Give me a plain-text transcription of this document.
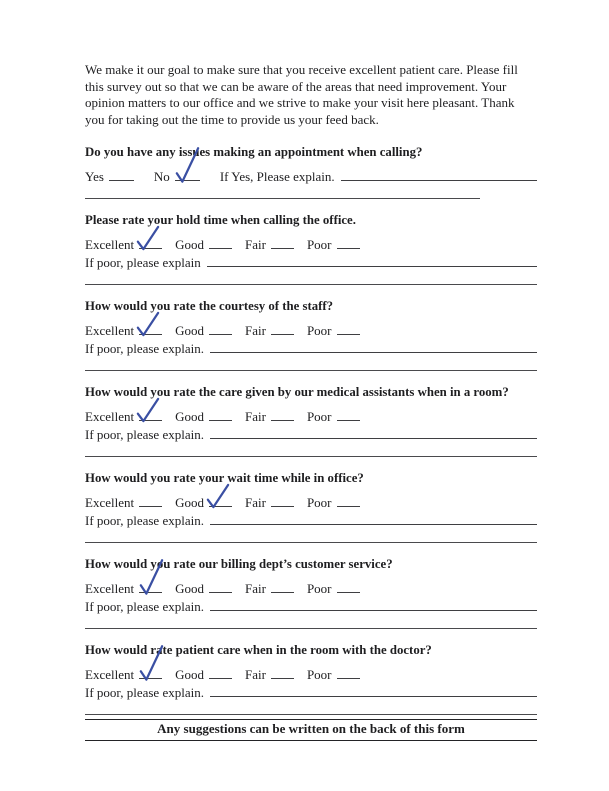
We make it our goal to make sure that you receive excellent patient care. Please fill this survey out so that we can be aware of the areas that need improvement. Your opinion matters to our office and we strive to make your visit here pleasant. Thank you for taking out the time to provide us your feed back.

Do you have any issues making an appointment when calling?
Yes	No	If Yes, Please explain.
Please rate your hold time when calling the office.
Excellent	Good	Fair	Poor
If poor, please explain
How would you rate the courtesy of the staff?
Excellent	Good	Fair	Poor
If poor, please explain.
How would you rate the care given by our medical assistants when in a room?
Excellent	Good	Fair	Poor
If poor, please explain.
How would you rate your wait time while in office?
Excellent	Good	Fair	Poor
If poor, please explain.
How would you rate our billing dept’s customer service?
Excellent	Good	Fair	Poor
If poor, please explain.
How would rate patient care when in the room with the doctor?
Excellent	Good	Fair	Poor
If poor, please explain.
Any suggestions can be written on the back of this form
